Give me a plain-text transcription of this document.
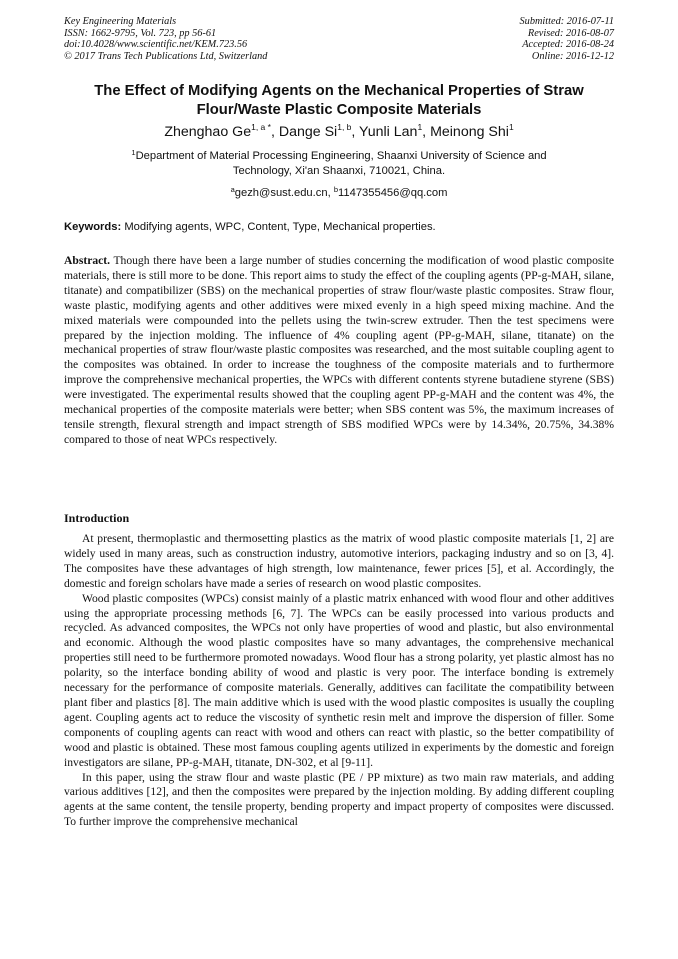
Key Engineering Materials
ISSN: 1662-9795, Vol. 723, pp 56-61
doi:10.4028/www.scientific.net/KEM.723.56
© 2017 Trans Tech Publications Ltd, Switzerland
Submitted: 2016-07-11
Revised: 2016-08-07
Accepted: 2016-08-24
Online: 2016-12-12
The Effect of Modifying Agents on the Mechanical Properties of Straw
Flour/Waste Plastic Composite Materials
Zhenghao $Ge^{1, a *}$, Dange Si$^{1, b}$, Yunli Lan$^1$, Meinong Shi$^1$
$^1$Department of Material Processing Engineering, Shaanxi University of Science and
Technology, Xi'an Shaanxi, 710021, China.
$^a$gezh@sust.edu.cn, $^b$1147355456@qq.com
Keywords: Modifying agents, WPC, Content, Type, Mechanical properties.

Abstract. Though there have been a large number of studies concerning the modification of wood plastic composite materials, there is still more to be done. This report aims to study the effect of the coupling agents (PP-g-MAH, silane, titanate) and compatibilizer (SBS) on the mechanical properties of straw flour/waste plastic composites. Straw flour, waste plastic, modifying agents and other additives were mixed evenly in a high speed mixing machine. And the mixed materials were compounded into the pellets using the twin-screw extruder. Then the test specimens were prepared by the injection molding. The influence of 4% coupling agent (PP-g-MAH, silane, titanate) on the mechanical properties of straw flour/waste plastic composites was researched, and the most suitable coupling agent to the composites was obtained. In order to increase the toughness of the composite materials and to furthermore improve the comprehensive mechanical properties, the WPCs with different contents styrene butadiene styrene (SBS) were investigated. The experimental results showed that the coupling agent PP-g-MAH and the content was 4%, the mechanical properties of the composite materials were better; when SBS content was 5%, the maximum increases of tensile strength, flexural strength and impact strength of SBS modified WPCs were by 14.34%, 20.75%, 34.38% compared to those of neat WPCs respectively.

Introduction

At present, thermoplastic and thermosetting plastics as the matrix of wood plastic composite materials [1, 2] are widely used in many areas, such as construction industry, automotive interiors, packaging industry and so on [3, 4]. The composites have these advantages of high strength, low maintenance, fewer prices [5], et al. Accordingly, the domestic and foreign scholars have made a series of research on wood plastic composites.

Wood plastic composites (WPCs) consist mainly of a plastic matrix enhanced with wood flour and other additives using the appropriate processing methods [6, 7]. The WPCs can be easily processed into various products and recycled. As advanced composites, the WPCs not only have properties of wood and plastic, but also environmental and economic. Although the wood plastic composites have so many advantages, the comprehensive mechanical properties still need to be furthermore promoted nowadays. Wood flour has a strong polarity, yet plastic almost has no polarity, so the interface bonding ability of wood and plastic is very poor. The interface bonding is extremely necessary for the performance of composite materials. Generally, additives can facilitate the compatibility between plant fiber and plastics [8]. The main additive which is used with the wood plastic composites is usually the coupling agent. Coupling agents act to reduce the viscosity of synthetic resin melt and improve the dispersion of filler. Some components of coupling agents can react with wood and others can react with plastic, so the better compatibility of wood and plastic is obtained. These most famous coupling agents utilized in experiments by the domestic and foreign investigators are silane, PP-g-MAH, titanate, DN-302, et al [9-11].

In this paper, using the straw flour and waste plastic (PE / PP mixture) as two main raw materials, and adding various additives [12], and then the composites were prepared by the injection molding. By adding different coupling agents at the same content, the tensile property, bending property and impact property of composites were discussed. To further improve the comprehensive mechanical
